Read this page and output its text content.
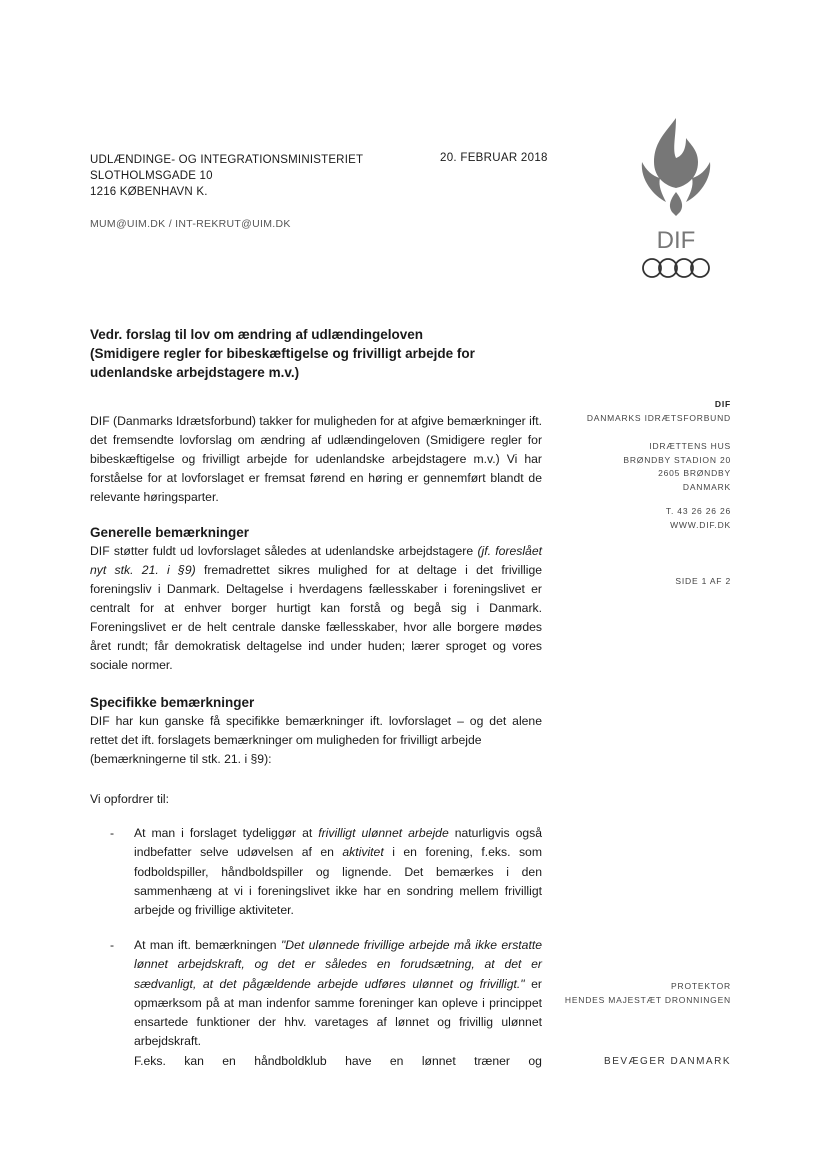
UDLÆNDINGE- OG INTEGRATIONSMINISTERIET
SLOTHOLMSGADE 10
1216 KØBENHAVN K.
MUM@UIM.DK / INT-REKRUT@UIM.DK
20. FEBRUAR 2018
DIF
Vedr. forslag til lov om ændring af udlændingeloven
(Smidigere regler for bibeskæftigelse og frivilligt arbejde for
udenlandske arbejdstagere m.v.)

DIF (Danmarks Idrætsforbund) takker for muligheden for at afgive bemærkninger ift. det fremsendte lovforslag om ændring af udlændingeloven (Smidigere regler for bibeskæftigelse og frivilligt arbejde for udenlandske arbejdstagere m.v.) Vi har forståelse for at lovforslaget er fremsat førend en høring er gennemført blandt de relevante høringsparter.

Generelle bemærkninger

DIF støtter fuldt ud lovforslaget således at udenlandske arbejdstagere (jf. foreslået nyt stk. 21. i §9) fremadrettet sikres mulighed for at deltage i det frivillige foreningsliv i Danmark. Deltagelse i hverdagens fællesskaber i foreningslivet er centralt for at enhver borger hurtigt kan forstå og begå sig i Danmark. Foreningslivet er de helt centrale danske fællesskaber, hvor alle borgere mødes året rundt; får demokratisk deltagelse ind under huden; lærer sproget og vores sociale normer.

Specifikke bemærkninger

DIF har kun ganske få specifikke bemærkninger ift. lovforslaget – og det alene rettet det ift. forslagets bemærkninger om muligheden for frivilligt arbejde
(bemærkningerne til stk. 21. i §9):

Vi opfordrer til:
- At man i forslaget tydeliggør at frivilligt ulønnet arbejde naturligvis også indbefatter selve udøvelsen af en aktivitet i en forening, f.eks. som fodboldspiller, håndboldspiller og lignende. Det bemærkes i den sammenhæng at vi i foreningslivet ikke har en sondring mellem frivilligt arbejde og frivillige aktiviteter.
- At man ift. bemærkningen "Det ulønnede frivillige arbejde må ikke erstatte lønnet arbejdskraft, og det er således en forudsætning, at det er sædvanligt, at det pågældende arbejde udføres ulønnet og frivilligt." er opmærksom på at man indenfor samme foreninger kan opleve i princippet ensartede funktioner der hhv. varetages af lønnet og frivillig ulønnet arbejdskraft.
F.eks. kan en håndboldklub have en lønnet træner og
DIF
DANMARKS IDRÆTSFORBUND
IDRÆTTENS HUS
BRØNDBY STADION 20
2605 BRØNDBY
DANMARK
T. 43 26 26 26
WWW.DIF.DK
SIDE 1 AF 2
PROTEKTOR
HENDES MAJESTÆT DRONNINGEN
BEVÆGER DANMARK
